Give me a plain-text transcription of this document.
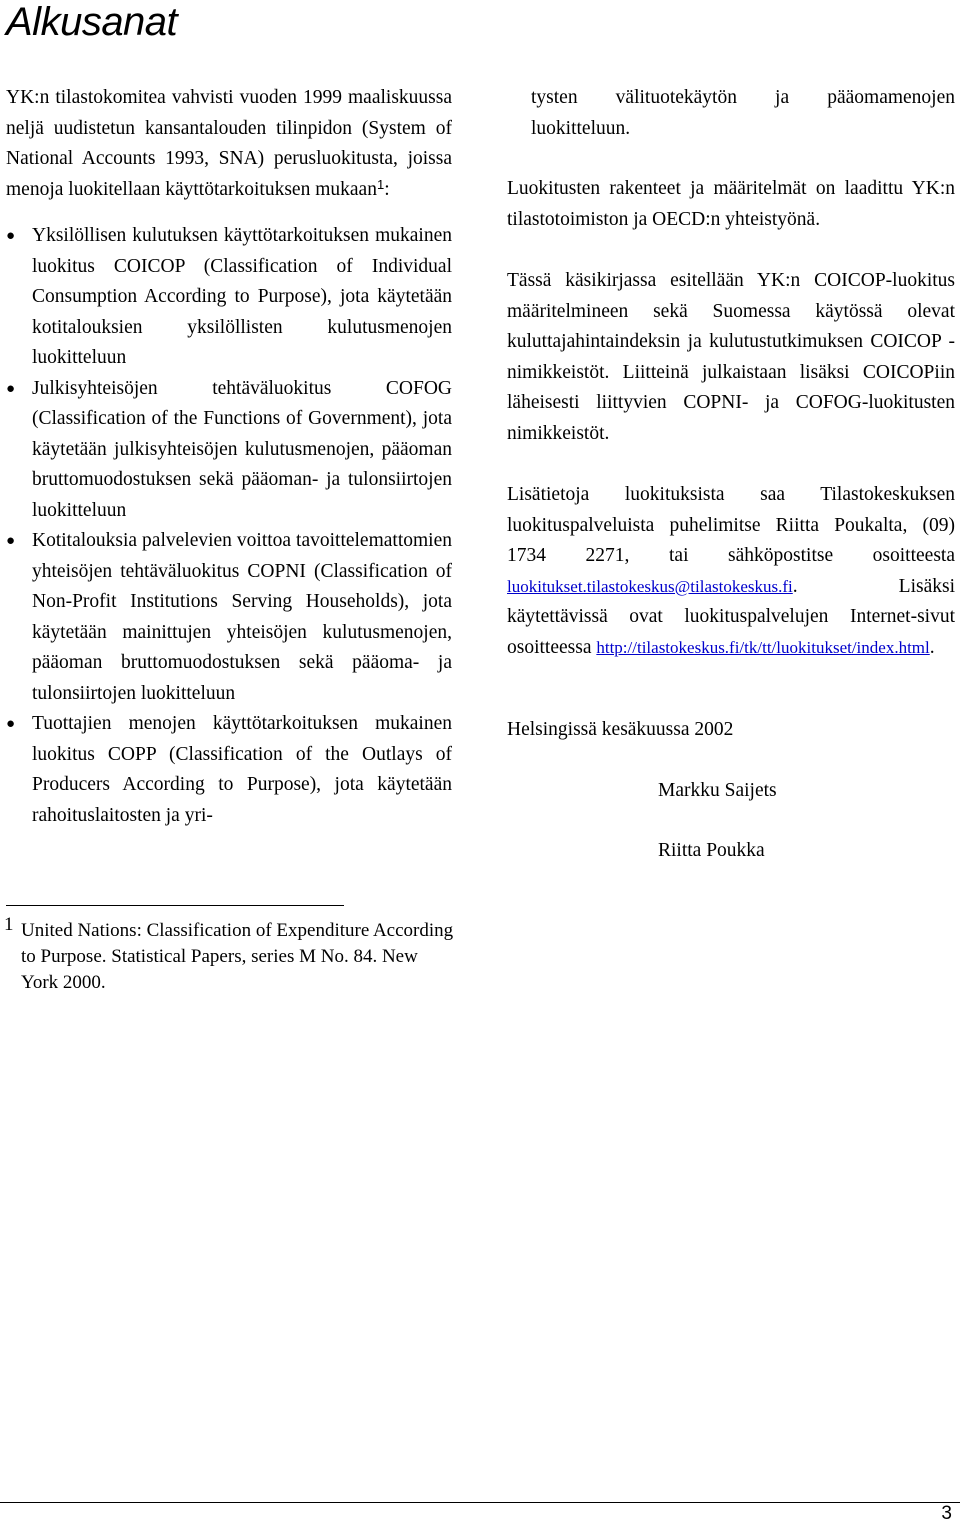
Alkusanat

YK:n tilastokomitea vahvisti vuoden 1999 maaliskuussa neljä uudistetun kansantalouden tilinpidon (System of National Accounts 1993, SNA) perusluokitusta, joissa menoja luokitellaan käyttötarkoituksen mukaan$^1$:

● Yksilöllisen kulutuksen käyttötarkoituksen mukainen luokitus COICOP (Classification of Individual Consumption According to Purpose), jota käytetään kotitalouksien yksilöllisten kulutusmenojen luokitteluun
● Julkisyhteisöjen tehtäväluokitus COFOG (Classification of the Functions of Government), jota käytetään julkisyhteisöjen kulutusmenojen, pääoman bruttomuodostuksen sekä pääoman- ja tulonsiirtojen luokitteluun
● Kotitalouksia palvelevien voittoa tavoittelemattomien yhteisöjen tehtäväluokitus COPNI (Classification of Non-Profit Institutions Serving Households), jota käytetään mainittujen yhteisöjen kulutusmenojen, pääoman bruttomuodostuksen sekä pääoma- ja tulonsiirtojen luokitteluun
● Tuottajien menojen käyttötarkoituksen mukainen luokitus COPP (Classification of the Outlays of Producers According to Purpose), jota käytetään rahoituslaitosten ja yri-
1 United Nations: Classification of Expenditure According to Purpose. Statistical Papers, series M No. 84. New York 2000.

tysten välituotekäytön ja pääomamenojen luokitteluun.

Luokitusten rakenteet ja määritelmät on laadittu YK:n tilastotoimiston ja OECD:n yhteistyönä.

Tässä käsikirjassa esitellään YK:n COICOP-luokitus määritelmineen sekä Suomessa käytössä olevat kuluttajahintaindeksin ja kulutustutkimuksen COICOP -nimikkeistöt. Liitteinä julkaistaan lisäksi COICOPiin läheisesti liittyvien COPNI- ja COFOG-luokitusten nimikkeistöt.

Lisätietoja luokituksista saa Tilastokeskuksen luokituspalveluista puhelimitse Riitta Poukalta, (09) 1734 2271, tai sähköpostitse osoitteesta luokitukset.tilastokeskus@tilastokeskus.fi. Lisäksi käytettävissä ovat luokituspalvelujen Internet-sivut osoitteessa http://tilastokeskus.fi/tk/tt/luokitukset/index.html.

Helsingissä kesäkuussa 2002

Markku Saijets

Riitta Poukka

3
